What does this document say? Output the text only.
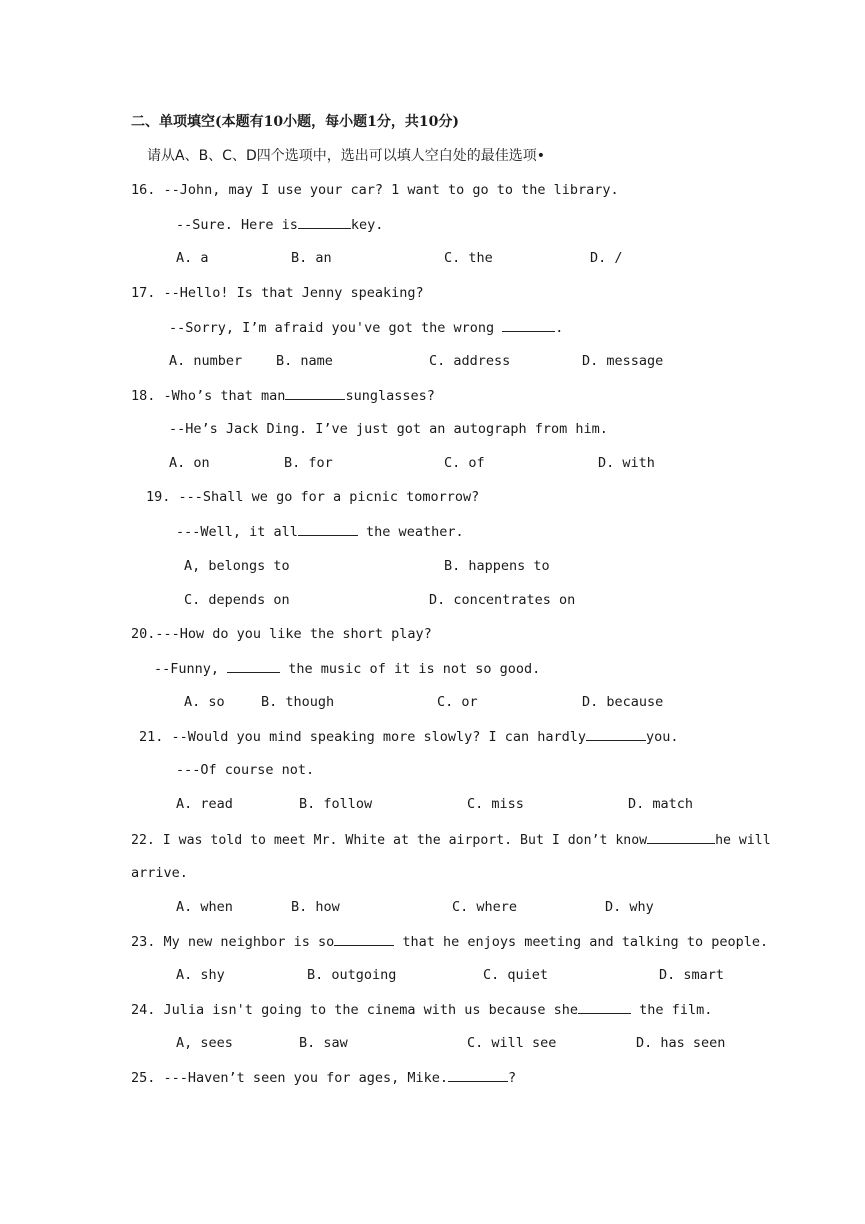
二、单项填空(本题有10小题，每小题1分，共10分)
请从A、B、C、D四个选项中，选出可以填人空白处的最佳选项•
16. --John, may I use your car? 1 want to go to the library.
--Sure. Here is	key.
A. a	B. an	C. the	D. /
17. --Hello! Is that Jenny speaking?
--Sorry, I’m afraid you've got the wrong	.
A. number	B. name	C. address	D. message
18. -Who’s that man	sunglasses?
--He’s Jack Ding. I’ve just got an autograph from him.
A. on	B. for	C. of	D. with
19. ---Shall we go for a picnic tomorrow?
---Well, it all	the weather.
A, belongs to	B. happens to
C. depends on	D. concentrates on
20.---How do you like the short play?
--Funny,	the music of it is not so good.
A. so	B. though	C. or	D. because
21. --Would you mind speaking more slowly? I can hardly	you.
---Of course not.
A. read	B. follow	C. miss	D. match
22. I was told to meet Mr. White at the airport. But I don’t know	he will
arrive.
A. when	B. how	C. where	D. why
23. My new neighbor is so	that he enjoys meeting and talking to people.
A. shy	B. outgoing	C. quiet	D. smart
24. Julia isn't going to the cinema with us because she	the film.
A, sees	B. saw	C. will see	D. has seen
25. ---Haven’t seen you for ages, Mike.	?
